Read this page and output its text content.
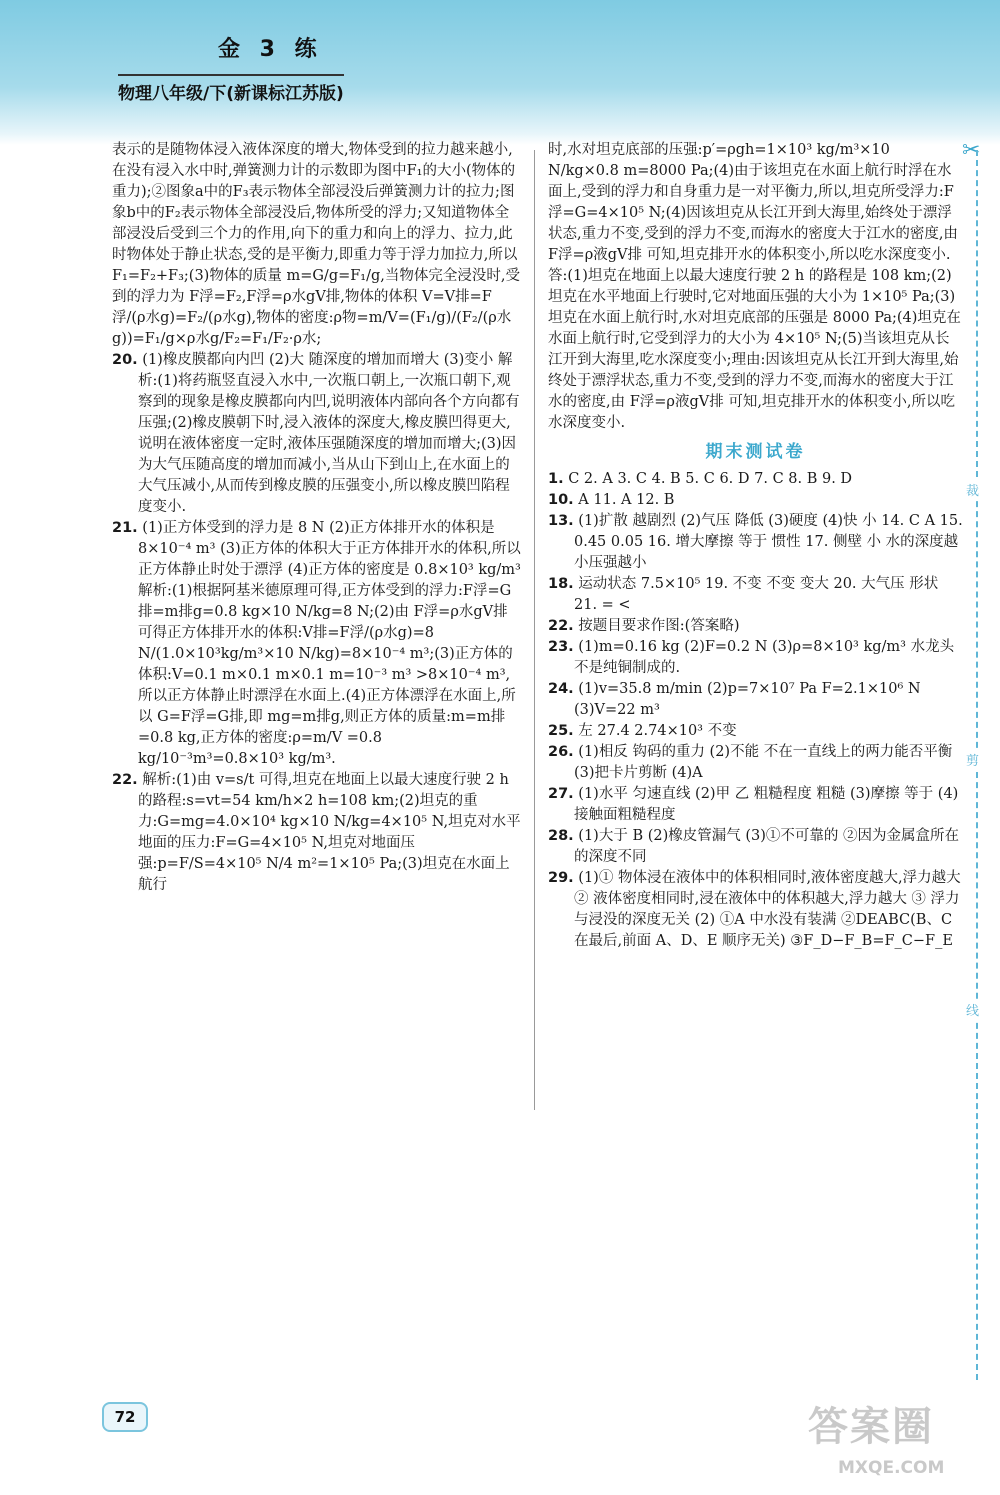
金 3 练
物理八年级/下(新课标江苏版)
✂
裁
剪
线

表示的是随物体浸入液体深度的增大,物体受到的拉力越来越小,在没有浸入水中时,弹簧测力计的示数即为图中F₁的大小(物体的重力);②图象a中的F₃表示物体全部浸没后弹簧测力计的拉力;图象b中的F₂表示物体全部浸没后,物体所受的浮力;又知道物体全部浸没后受到三个力的作用,向下的重力和向上的浮力、拉力,此时物体处于静止状态,受的是平衡力,即重力等于浮力加拉力,所以 F₁=F₂+F₃;(3)物体的质量 m=G/g=F₁/g,当物体完全浸没时,受到的浮力为 F浮=F₂,F浮=ρ水gV排,物体的体积 V=V排=F浮/(ρ水g)=F₂/(ρ水g),物体的密度:ρ物=m/V=(F₁/g)/(F₂/(ρ水g))=F₁/g×ρ水g/F₂=F₁/F₂·ρ水;

20. (1)橡皮膜都向内凹 (2)大 随深度的增加而增大 (3)变小 解析:(1)将药瓶竖直浸入水中,一次瓶口朝上,一次瓶口朝下,观察到的现象是橡皮膜都向内凹,说明液体内部向各个方向都有压强;(2)橡皮膜朝下时,浸入液体的深度大,橡皮膜凹得更大,说明在液体密度一定时,液体压强随深度的增加而增大;(3)因为大气压随高度的增加而减小,当从山下到山上,在水面上的大气压减小,从而传到橡皮膜的压强变小,所以橡皮膜凹陷程度变小.

21. (1)正方体受到的浮力是 8 N (2)正方体排开水的体积是 8×10⁻⁴ m³ (3)正方体的体积大于正方体排开水的体积,所以正方体静止时处于漂浮 (4)正方体的密度是 0.8×10³ kg/m³ 解析:(1)根据阿基米德原理可得,正方体受到的浮力:F浮=G排=m排g=0.8 kg×10 N/kg=8 N;(2)由 F浮=ρ水gV排 可得正方体排开水的体积:V排=F浮/(ρ水g)=8 N/(1.0×10³kg/m³×10 N/kg)=8×10⁻⁴ m³;(3)正方体的体积:V=0.1 m×0.1 m×0.1 m=10⁻³ m³ >8×10⁻⁴ m³,所以正方体静止时漂浮在水面上.(4)正方体漂浮在水面上,所以 G=F浮=G排,即 mg=m排g,则正方体的质量:m=m排=0.8 kg,正方体的密度:ρ=m/V =0.8 kg/10⁻³m³=0.8×10³ kg/m³.

22. 解析:(1)由 v=s/t 可得,坦克在地面上以最大速度行驶 2 h 的路程:s=vt=54 km/h×2 h=108 km;(2)坦克的重力:G=mg=4.0×10⁴ kg×10 N/kg=4×10⁵ N,坦克对水平地面的压力:F=G=4×10⁵ N,坦克对地面压强:p=F/S=4×10⁵ N/4 m²=1×10⁵ Pa;(3)坦克在水面上航行

时,水对坦克底部的压强:p′=ρgh=1×10³ kg/m³×10 N/kg×0.8 m=8000 Pa;(4)由于该坦克在水面上航行时浮在水面上,受到的浮力和自身重力是一对平衡力,所以,坦克所受浮力:F浮=G=4×10⁵ N;(4)因该坦克从长江开到大海里,始终处于漂浮状态,重力不变,受到的浮力不变,而海水的密度大于江水的密度,由 F浮=ρ液gV排 可知,坦克排开水的体积变小,所以吃水深度变小. 答:(1)坦克在地面上以最大速度行驶 2 h 的路程是 108 km;(2)坦克在水平地面上行驶时,它对地面压强的大小为 1×10⁵ Pa;(3)坦克在水面上航行时,水对坦克底部的压强是 8000 Pa;(4)坦克在水面上航行时,它受到浮力的大小为 4×10⁵ N;(5)当该坦克从长江开到大海里,吃水深度变小;理由:因该坦克从长江开到大海里,始终处于漂浮状态,重力不变,受到的浮力不变,而海水的密度大于江水的密度,由 F浮=ρ液gV排 可知,坦克排开水的体积变小,所以吃水深度变小.

期末测试卷

1. C 2. A 3. C 4. B 5. C 6. D 7. C 8. B 9. D

10. A 11. A 12. B

13. (1)扩散 越剧烈 (2)气压 降低 (3)硬度 (4)快 小 14. C A 15. 0.45 0.05 16. 增大摩擦 等于 惯性 17. 侧壁 小 水的深度越小压强越小

18. 运动状态 7.5×10⁵ 19. 不变 不变 变大 20. 大气压 形状 21. = <

22. 按题目要求作图:(答案略)

23. (1)m=0.16 kg (2)F=0.2 N (3)ρ=8×10³ kg/m³ 水龙头不是纯铜制成的.

24. (1)v=35.8 m/min (2)p=7×10⁷ Pa F=2.1×10⁶ N (3)V=22 m³

25. 左 27.4 2.74×10³ 不变

26. (1)相反 钩码的重力 (2)不能 不在一直线上的两力能否平衡 (3)把卡片剪断 (4)A

27. (1)水平 匀速直线 (2)甲 乙 粗糙程度 粗糙 (3)摩擦 等于 (4)接触面粗糙程度

28. (1)大于 B (2)橡皮管漏气 (3)①不可靠的 ②因为金属盒所在的深度不同

29. (1)① 物体浸在液体中的体积相同时,液体密度越大,浮力越大 ② 液体密度相同时,浸在液体中的体积越大,浮力越大 ③ 浮力与浸没的深度无关 (2) ①A 中水没有装满 ②DEABC(B、C在最后,前面 A、D、E 顺序无关) ③F_D−F_B=F_C−F_E

72	答案圈
MXQE.COM
